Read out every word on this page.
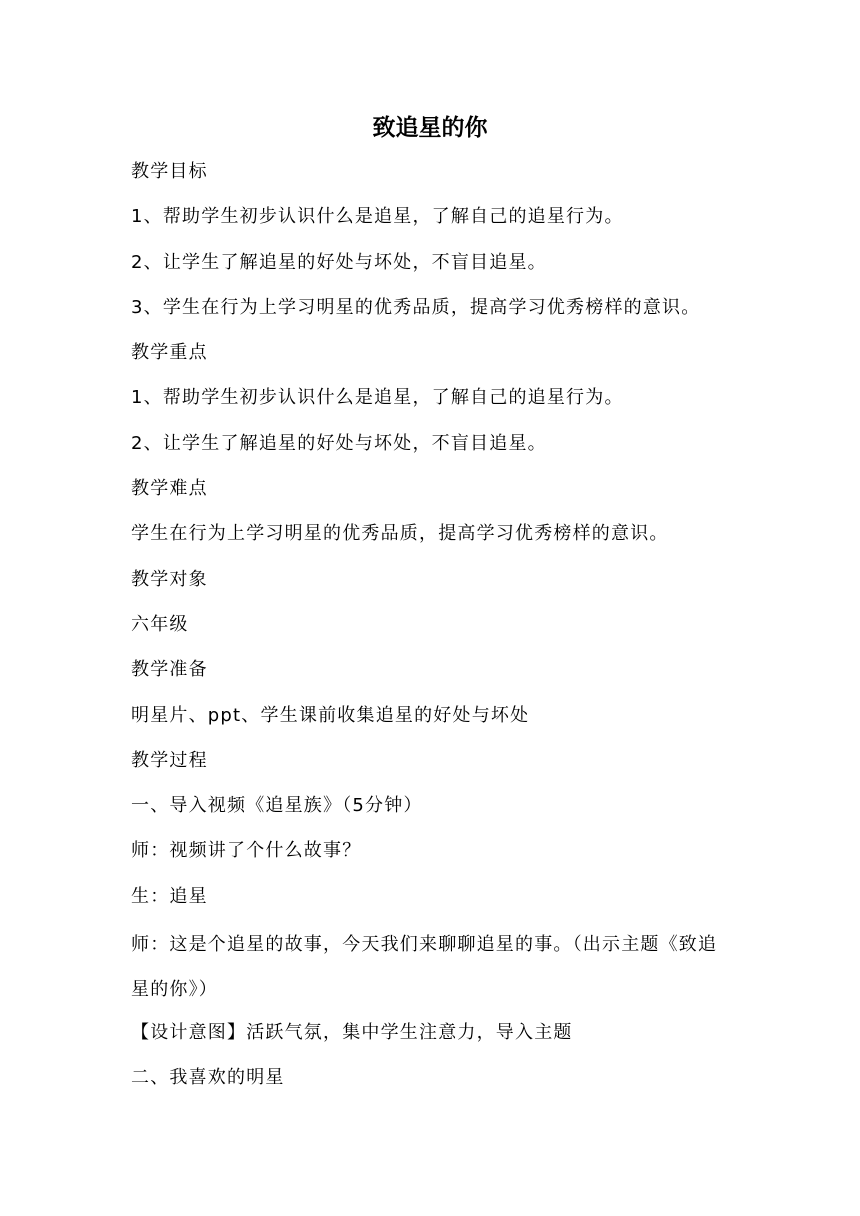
致追星的你

教学目标

1、帮助学生初步认识什么是追星，了解自己的追星行为。

2、让学生了解追星的好处与坏处，不盲目追星。

3、学生在行为上学习明星的优秀品质，提高学习优秀榜样的意识。

教学重点

1、帮助学生初步认识什么是追星，了解自己的追星行为。

2、让学生了解追星的好处与坏处，不盲目追星。

教学难点

学生在行为上学习明星的优秀品质，提高学习优秀榜样的意识。

教学对象

六年级

教学准备

明星片、ppt、学生课前收集追星的好处与坏处

教学过程

一、导入视频《追星族》（5分钟）

师：视频讲了个什么故事？

生：追星

师：这是个追星的故事，今天我们来聊聊追星的事。（出示主题《致追星的你》）

【设计意图】活跃气氛，集中学生注意力，导入主题

二、我喜欢的明星
